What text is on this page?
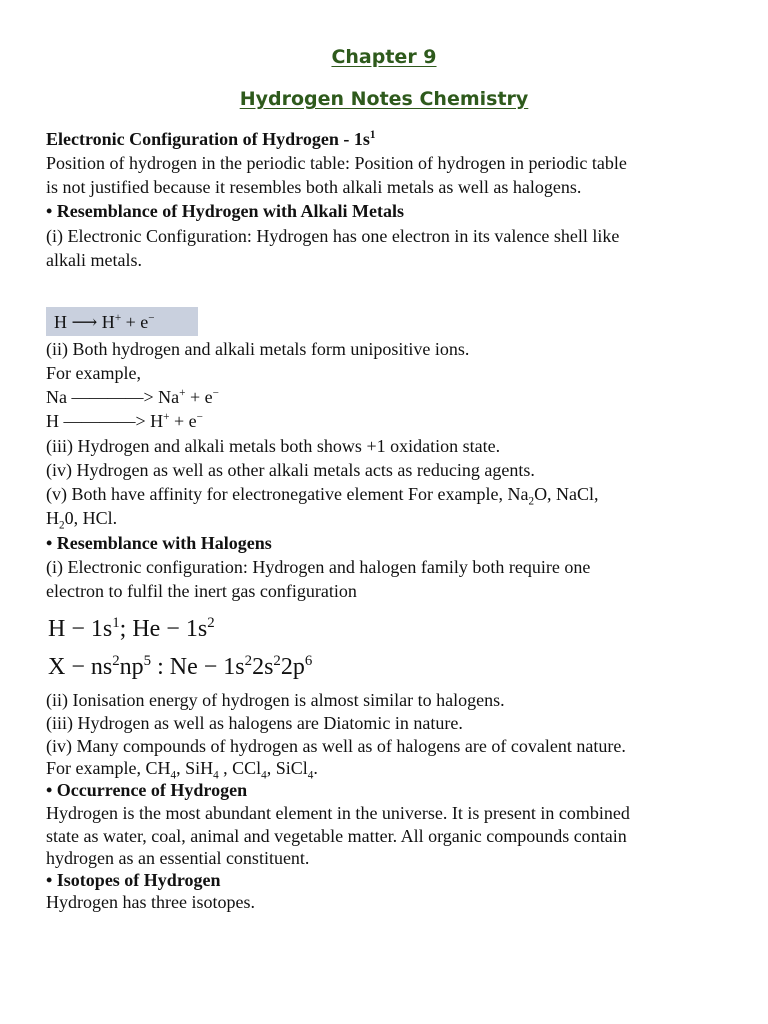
Chapter 9
Hydrogen Notes Chemistry
Electronic Configuration of Hydrogen - $1s^1$
Position of hydrogen in the periodic table: Position of hydrogen in periodic table
is not justified because it resembles both alkali metals as well as halogens.
• Resemblance of Hydrogen with Alkali Metals
(i) Electronic Configuration: Hydrogen has one electron in its valence shell like
alkali metals.
H ⟶ H+ + e−
(ii) Both hydrogen and alkali metals form unipositive ions.
For example,
Na ————> Na+ + e−
H ————> H+ + e−
(iii) Hydrogen and alkali metals both shows +1 oxidation state.
(iv) Hydrogen as well as other alkali metals acts as reducing agents.
(v) Both have affinity for electronegative element For example, $Na_2O$, NaCl,
$H_20$, HCl.
• Resemblance with Halogens
(i) Electronic configuration: Hydrogen and halogen family both require one
electron to fulfil the inert gas configuration
$H - 1s^1$; $He - 1s^2$
$X - ns^2np^5$ : $Ne - 1s^22s^22p^6$
(ii) Ionisation energy of hydrogen is almost similar to halogens.
(iii) Hydrogen as well as halogens are Diatomic in nature.
(iv) Many compounds of hydrogen as well as of halogens are of covalent nature.
For example, $CH_4$, SiH$_4$ , CCl$_4$, SiCl$_4$.
• Occurrence of Hydrogen
Hydrogen is the most abundant element in the universe. It is present in combined
state as water, coal, animal and vegetable matter. All organic compounds contain
hydrogen as an essential constituent.
• Isotopes of Hydrogen
Hydrogen has three isotopes.
